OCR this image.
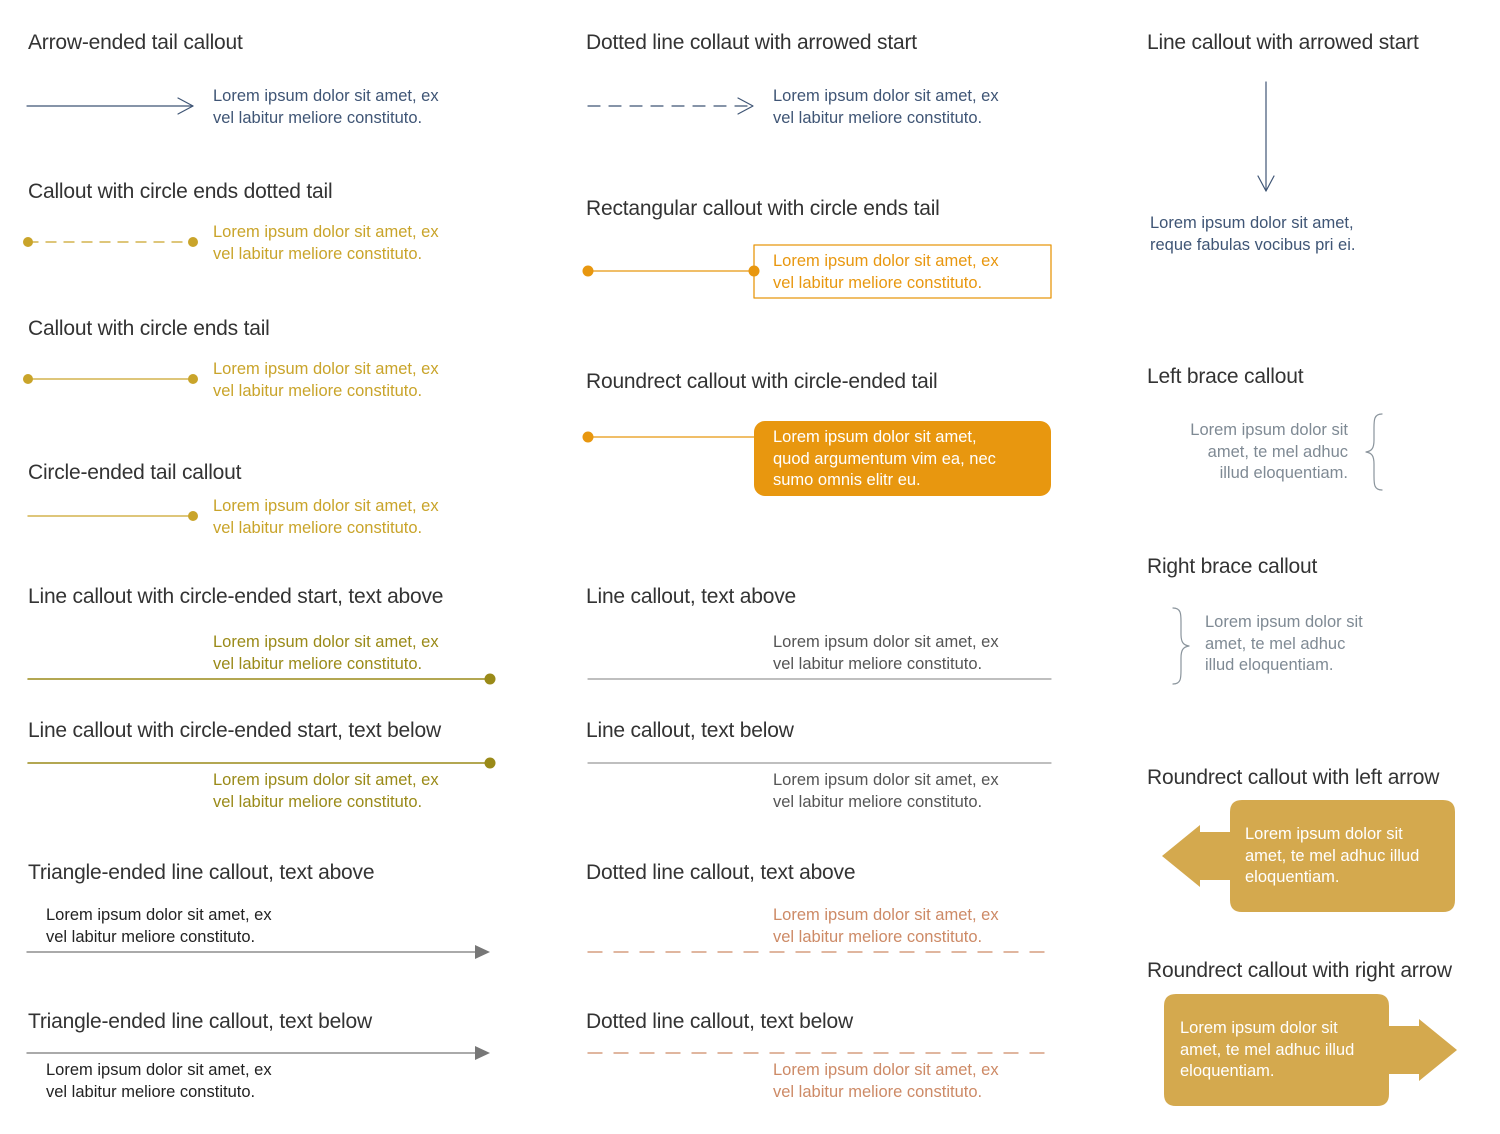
Arrow-ended tail callout
Lorem ipsum dolor sit amet, ex
vel labitur meliore constituto.
Callout with circle ends dotted tail
Lorem ipsum dolor sit amet, ex
vel labitur meliore constituto.
Callout with circle ends tail
Lorem ipsum dolor sit amet, ex
vel labitur meliore constituto.
Circle-ended tail callout
Lorem ipsum dolor sit amet, ex
vel labitur meliore constituto.
Line callout with circle-ended start, text above
Lorem ipsum dolor sit amet, ex
vel labitur meliore constituto.
Line callout with circle-ended start, text below
Lorem ipsum dolor sit amet, ex
vel labitur meliore constituto.
Triangle-ended line callout, text above
Lorem ipsum dolor sit amet, ex
vel labitur meliore constituto.
Triangle-ended line callout, text below
Lorem ipsum dolor sit amet, ex
vel labitur meliore constituto.
Dotted line collaut with arrowed start
Lorem ipsum dolor sit amet, ex
vel labitur meliore constituto.
Rectangular callout with circle ends tail
Lorem ipsum dolor sit amet, ex
vel labitur meliore constituto.
Roundrect callout with circle-ended tail
Lorem ipsum dolor sit amet,
quod argumentum vim ea, nec
sumo omnis elitr eu.
Line callout, text above
Lorem ipsum dolor sit amet, ex
vel labitur meliore constituto.
Line callout, text below
Lorem ipsum dolor sit amet, ex
vel labitur meliore constituto.
Dotted line callout, text above
Lorem ipsum dolor sit amet, ex
vel labitur meliore constituto.
Dotted line callout, text below
Lorem ipsum dolor sit amet, ex
vel labitur meliore constituto.
Line callout with arrowed start
Lorem ipsum dolor sit amet,
reque fabulas vocibus pri ei.
Left brace callout
Lorem ipsum dolor sit
amet, te mel adhuc
illud eloquentiam.
Right brace callout
Lorem ipsum dolor sit
amet, te mel adhuc
illud eloquentiam.
Roundrect callout with left arrow
Lorem ipsum dolor sit
amet, te mel adhuc illud
eloquentiam.
Roundrect callout with right arrow
Lorem ipsum dolor sit
amet, te mel adhuc illud
eloquentiam.
